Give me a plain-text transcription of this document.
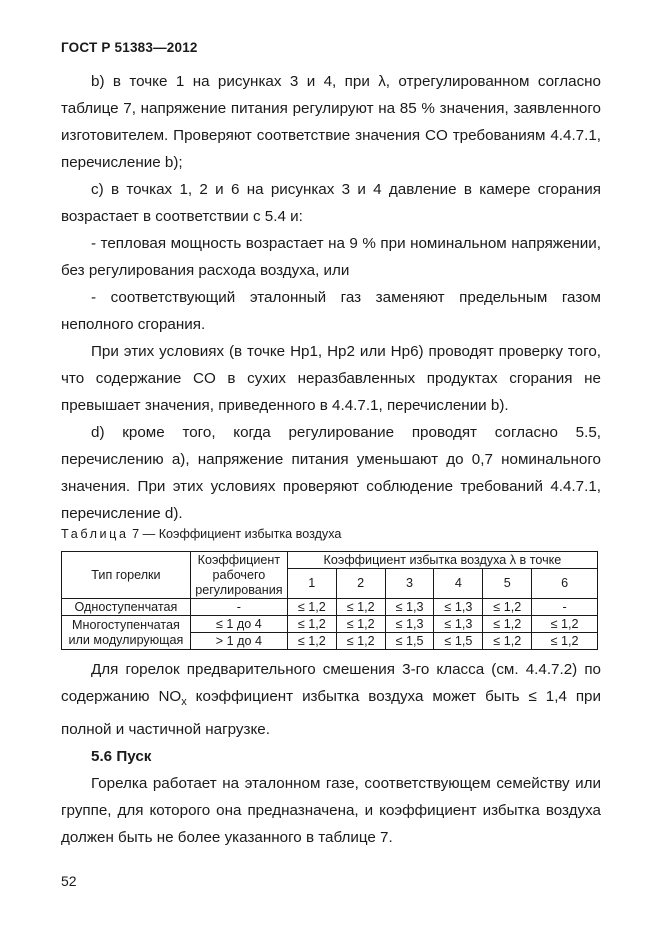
ГОСТ Р 51383—2012

b) в точке 1 на рисунках 3 и 4, при λ, отрегулированном согласно таблице 7, напряжение питания регулируют на 85 % значения, заявленного изготовителем. Проверяют соответствие значения CO требованиям 4.4.7.1, перечисление b);

c) в точках 1, 2 и 6 на рисунках 3 и 4 давление в камере сгорания возрастает в соответствии с 5.4 и:

- тепловая мощность возрастает на 9 % при номинальном напряжении, без регулирования расхода воздуха, или

- соответствующий эталонный газ заменяют предельным газом неполного сгорания.

При этих условиях (в точке Hp1, Hp2 или Hp6) проводят проверку того, что содержание CO в сухих неразбавленных продуктах сгорания не превышает значения, приведенного в 4.4.7.1, перечислении b).

d) кроме того, когда регулирование проводят согласно 5.5, перечислению a), напряжение питания уменьшают до 0,7 номинального значения. При этих условиях проверяют соблюдение требований 4.4.7.1, перечисление d).

Таблица 7 — Коэффициент избытка воздуха
Тип горелки	Коэффициент рабочего регулирования	Коэффициент избытка воздуха λ в точке					
		1	2	3	4	5	6
Одноступенчатая	-	≤ 1,2	≤ 1,2	≤ 1,3	≤ 1,3	≤ 1,2	-
Многоступенчатая или модулирующая	≤ 1 до 4	≤ 1,2	≤ 1,2	≤ 1,3	≤ 1,3	≤ 1,2	≤ 1,2
	> 1 до 4	≤ 1,2	≤ 1,2	≤ 1,5	≤ 1,5	≤ 1,2	≤ 1,2

Для горелок предварительного смешения 3-го класса (см. 4.4.7.2) по содержанию $NO_x$ коэффициент избытка воздуха может быть ≤ 1,4 при полной и частичной нагрузке.

5.6 Пуск

Горелка работает на эталонном газе, соответствующем семейству или группе, для которого она предназначена, и коэффициент избытка воздуха должен быть не более указанного в таблице 7.

52
